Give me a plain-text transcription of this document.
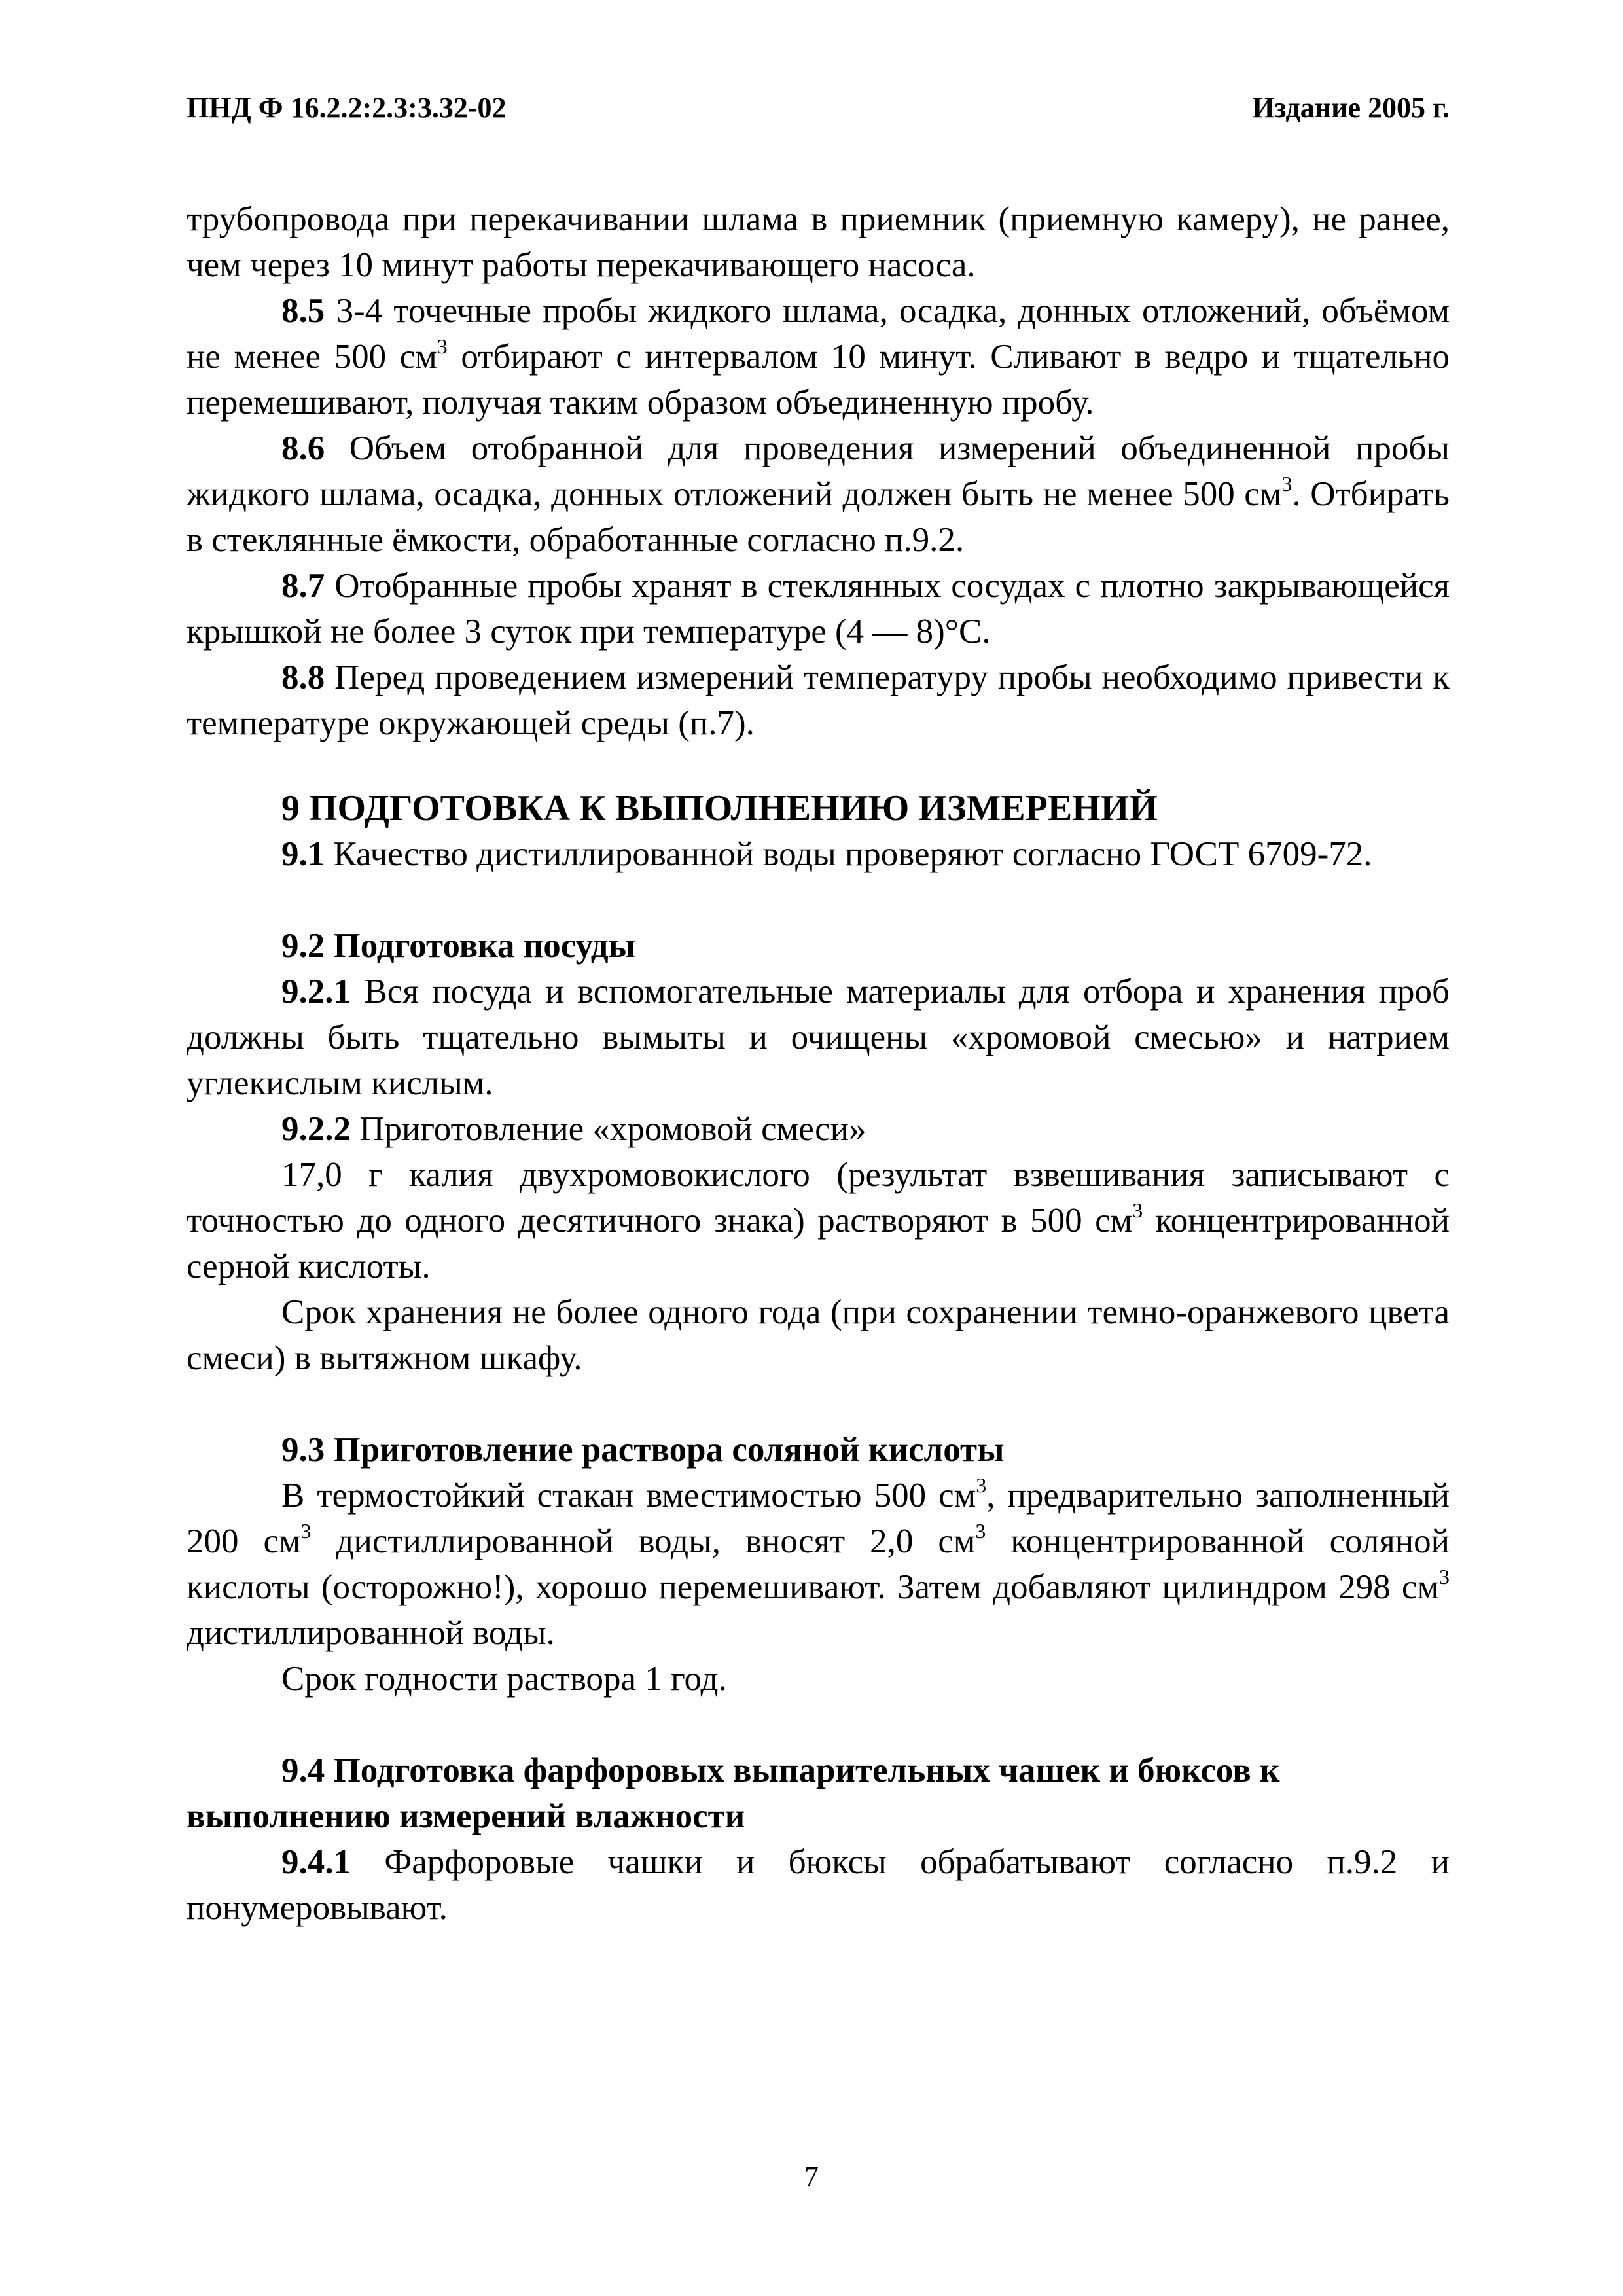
ПНД Ф 16.2.2:2.3:3.32-02	Издание 2005 г.

трубопровода при перекачивании шлама в приемник (приемную камеру), не ранее, чем через 10 минут работы перекачивающего насоса.

8.5 3-4 точечные пробы жидкого шлама, осадка, донных отложений, объёмом не менее 500 $см^3$ отбирают с интервалом 10 минут. Сливают в ведро и тщательно перемешивают, получая таким образом объединенную пробу.

8.6 Объем отобранной для проведения измерений объединенной пробы жидкого шлама, осадка, донных отложений должен быть не менее 500 $см^3$. Отбирать в стеклянные ёмкости, обработанные согласно п.9.2.

8.7 Отобранные пробы хранят в стеклянных сосудах с плотно закрывающейся крышкой не более 3 суток при температуре (4 — 8)°С.

8.8 Перед проведением измерений температуру пробы необходимо привести к температуре окружающей среды (п.7).

9 ПОДГОТОВКА К ВЫПОЛНЕНИЮ ИЗМЕРЕНИЙ

9.1 Качество дистиллированной воды проверяют согласно ГОСТ 6709-72.

9.2 Подготовка посуды

9.2.1 Вся посуда и вспомогательные материалы для отбора и хранения проб должны быть тщательно вымыты и очищены «хромовой смесью» и натрием углекислым кислым.

9.2.2 Приготовление «хромовой смеси»

17,0 г калия двухромовокислого (результат взвешивания записывают с точностью до одного десятичного знака) растворяют в 500 $см^3$ концентрированной серной кислоты.

Срок хранения не более одного года (при сохранении темно-оранжевого цвета смеси) в вытяжном шкафу.

9.3 Приготовление раствора соляной кислоты

В термостойкий стакан вместимостью 500 $см^3$, предварительно заполненный 200 $см^3$ дистиллированной воды, вносят 2,0 $см^3$ концентрированной соляной кислоты (осторожно!), хорошо перемешивают. Затем добавляют цилиндром 298 $см^3$ дистиллированной воды.

Срок годности раствора 1 год.

9.4 Подготовка фарфоровых выпарительных чашек и бюксов к выполнению измерений влажности

9.4.1 Фарфоровые чашки и бюксы обрабатывают согласно п.9.2 и понумеровывают.

7
